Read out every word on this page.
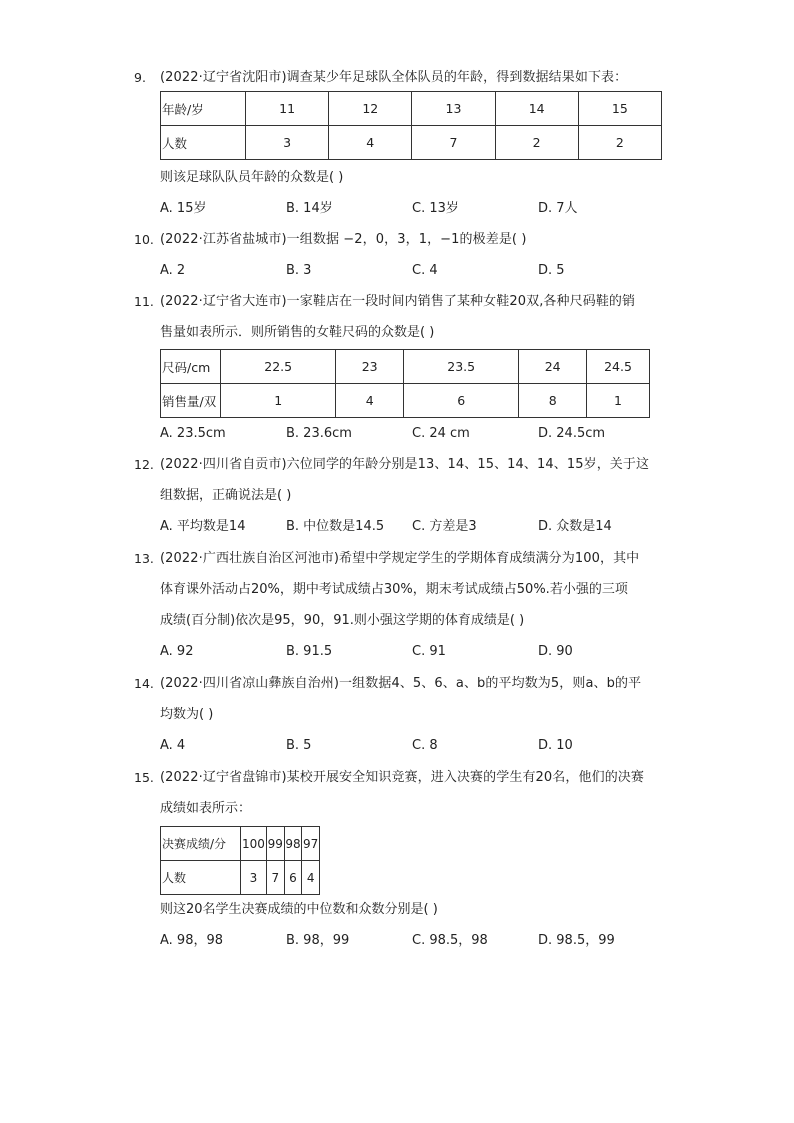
9.	(2022·辽宁省沈阳市)调查某少年足球队全体队员的年龄，得到数据结果如下表：
年龄/岁	11	12	13	14	15
人数	3	4	7	2	2
则该足球队队员年龄的众数是( )
A. 15岁	B. 14岁	C. 13岁	D. 7人
10. (2022·江苏省盐城市)一组数据 −2，0，3，1，−1的极差是( )
A. 2	B. 3	C. 4	D. 5
11. (2022·辽宁省大连市)一家鞋店在一段时间内销售了某种女鞋20双,各种尺码鞋的销
售量如表所示．则所销售的女鞋尺码的众数是( )
尺码/cm	22.5	23	23.5	24	24.5
销售量/双	1	4	6	8	1
A. 23.5cm	B. 23.6cm	C. 24 cm	D. 24.5cm
12. (2022·四川省自贡市)六位同学的年龄分别是13、14、15、14、14、15岁，关于这
组数据，正确说法是( )
A. 平均数是14	B. 中位数是14.5 C. 方差是3	D. 众数是14
13. (2022·广西壮族自治区河池市)希望中学规定学生的学期体育成绩满分为100，其中
体育课外活动占20%，期中考试成绩占30%，期末考试成绩占50%.若小强的三项
成绩(百分制)依次是95，90，91.则小强这学期的体育成绩是( )
A. 92	B. 91.5	C. 91	D. 90
14. (2022·四川省凉山彝族自治州)一组数据4、5、6、a、b的平均数为5，则a、b的平
均数为( )
A. 4	B. 5	C. 8	D. 10
15. (2022·辽宁省盘锦市)某校开展安全知识竞赛，进入决赛的学生有20名，他们的决赛
成绩如表所示：
决赛成绩/分	100	99	98	97
人数	3	7	6	4
则这20名学生决赛成绩的中位数和众数分别是( )
A. 98，98	B. 98，99	C. 98.5，98	D. 98.5，99
